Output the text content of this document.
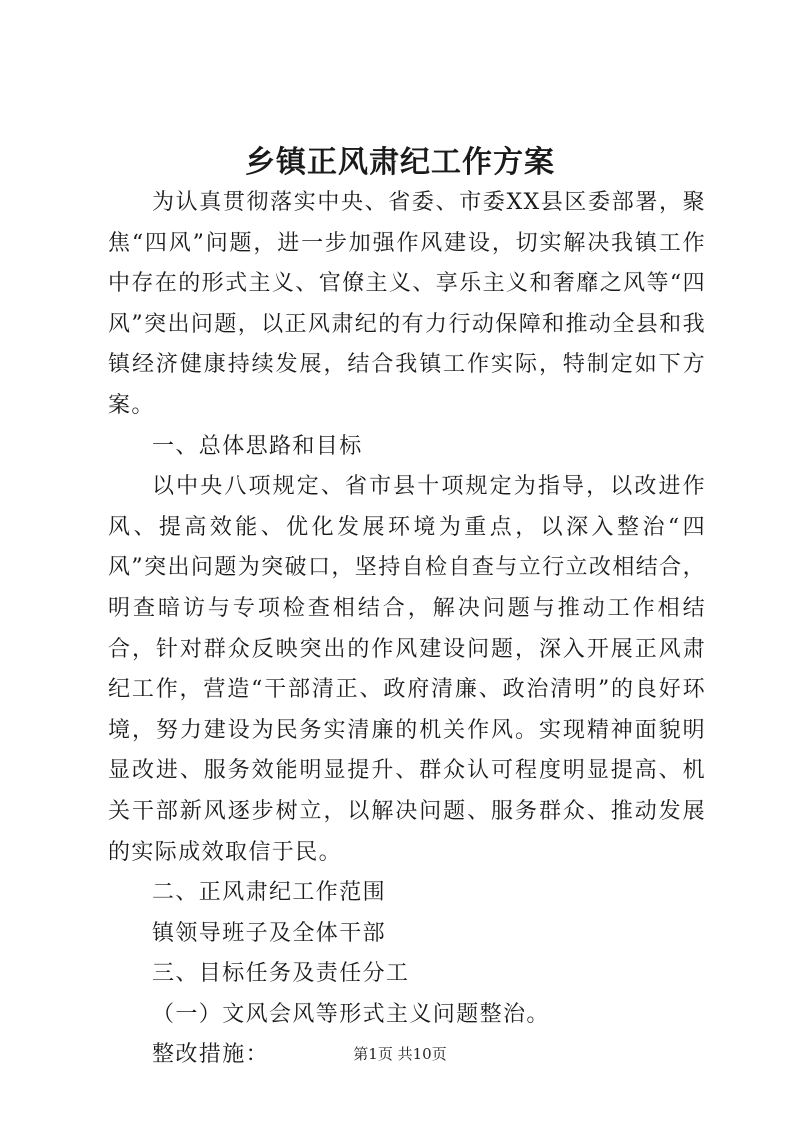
乡镇正风肃纪工作方案

为认真贯彻落实中央、省委、市委XX县区委部署，聚焦“四风”问题，进一步加强作风建设，切实解决我镇工作中存在的形式主义、官僚主义、享乐主义和奢靡之风等“四风”突出问题，以正风肃纪的有力行动保障和推动全县和我镇经济健康持续发展，结合我镇工作实际，特制定如下方案。

一、总体思路和目标

以中央八项规定、省市县十项规定为指导，以改进作风、提高效能、优化发展环境为重点，以深入整治“四风”突出问题为突破口，坚持自检自查与立行立改相结合，明查暗访与专项检查相结合，解决问题与推动工作相结合，针对群众反映突出的作风建设问题，深入开展正风肃纪工作，营造“干部清正、政府清廉、政治清明”的良好环境，努力建设为民务实清廉的机关作风。实现精神面貌明显改进、服务效能明显提升、群众认可程度明显提高、机关干部新风逐步树立，以解决问题、服务群众、推动发展的实际成效取信于民。

二、正风肃纪工作范围

镇领导班子及全体干部

三、目标任务及责任分工

（一）文风会风等形式主义问题整治。

整改措施：	第1页 共10页
